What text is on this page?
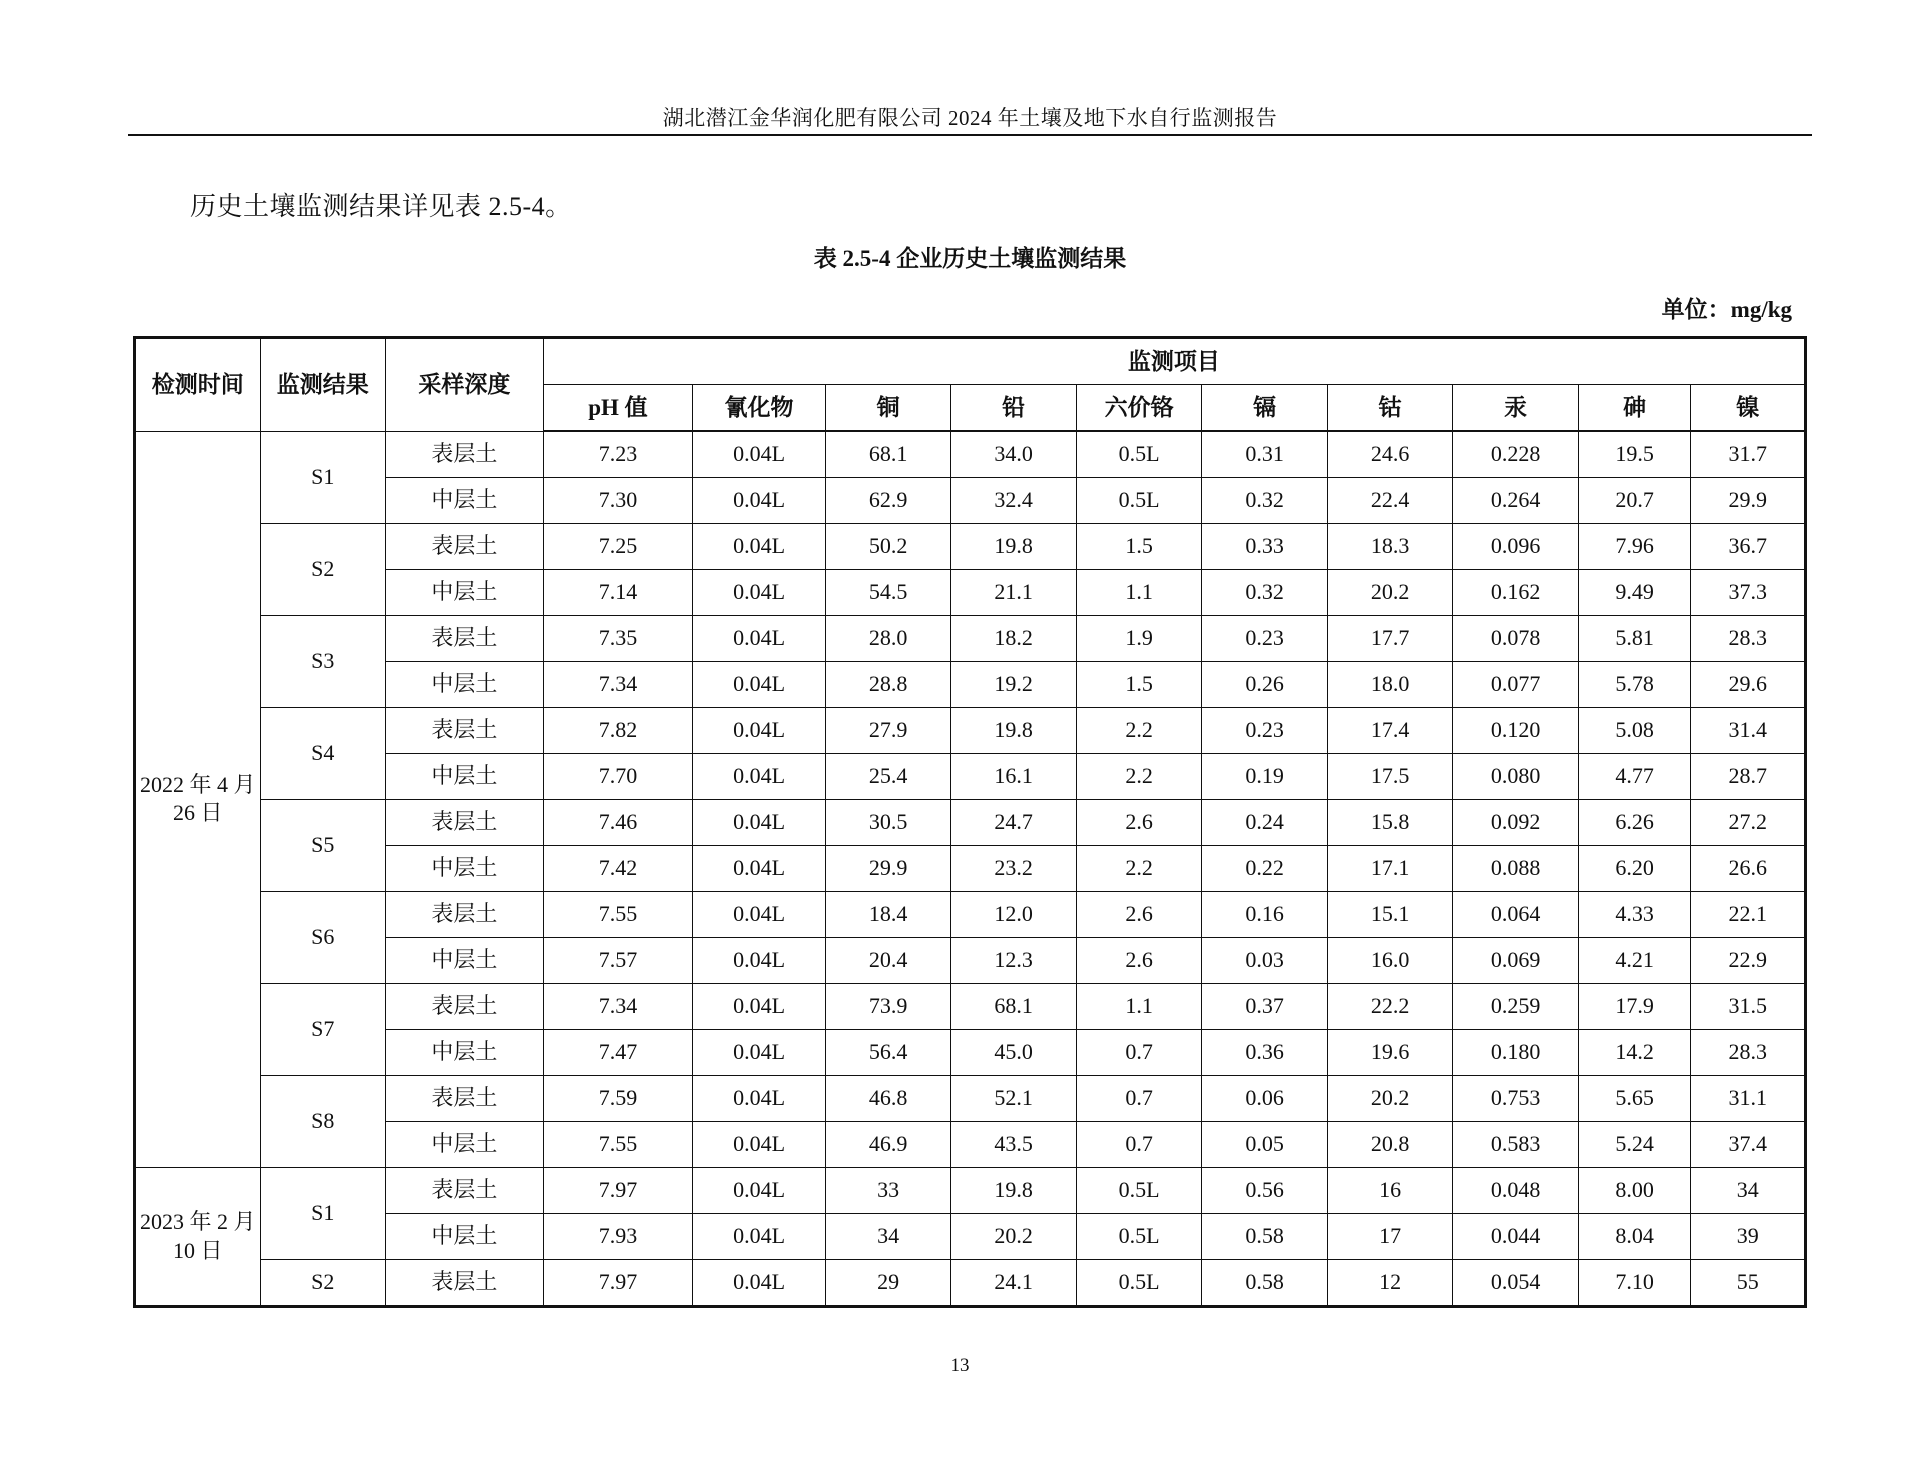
湖北潜江金华润化肥有限公司 2024 年土壤及地下水自行监测报告
历史土壤监测结果详见表 2.5-4。
表 2.5-4 企业历史土壤监测结果
单位：mg/kg
检测时间	监测结果	采样深度	监测项目									
			pH 值	氰化物	铜	铅	六价铬	镉	钴	汞	砷	镍
2022 年 4 月 26 日	S1	表层土	7.23	0.04L	68.1	34.0	0.5L	0.31	24.6	0.228	19.5	31.7
		中层土	7.30	0.04L	62.9	32.4	0.5L	0.32	22.4	0.264	20.7	29.9
	S2	表层土	7.25	0.04L	50.2	19.8	1.5	0.33	18.3	0.096	7.96	36.7
		中层土	7.14	0.04L	54.5	21.1	1.1	0.32	20.2	0.162	9.49	37.3
	S3	表层土	7.35	0.04L	28.0	18.2	1.9	0.23	17.7	0.078	5.81	28.3
		中层土	7.34	0.04L	28.8	19.2	1.5	0.26	18.0	0.077	5.78	29.6
	S4	表层土	7.82	0.04L	27.9	19.8	2.2	0.23	17.4	0.120	5.08	31.4
		中层土	7.70	0.04L	25.4	16.1	2.2	0.19	17.5	0.080	4.77	28.7
	S5	表层土	7.46	0.04L	30.5	24.7	2.6	0.24	15.8	0.092	6.26	27.2
		中层土	7.42	0.04L	29.9	23.2	2.2	0.22	17.1	0.088	6.20	26.6
	S6	表层土	7.55	0.04L	18.4	12.0	2.6	0.16	15.1	0.064	4.33	22.1
		中层土	7.57	0.04L	20.4	12.3	2.6	0.03	16.0	0.069	4.21	22.9
	S7	表层土	7.34	0.04L	73.9	68.1	1.1	0.37	22.2	0.259	17.9	31.5
		中层土	7.47	0.04L	56.4	45.0	0.7	0.36	19.6	0.180	14.2	28.3
	S8	表层土	7.59	0.04L	46.8	52.1	0.7	0.06	20.2	0.753	5.65	31.1
		中层土	7.55	0.04L	46.9	43.5	0.7	0.05	20.8	0.583	5.24	37.4
2023 年 2 月 10 日	S1	表层土	7.97	0.04L	33	19.8	0.5L	0.56	16	0.048	8.00	34
		中层土	7.93	0.04L	34	20.2	0.5L	0.58	17	0.044	8.04	39
	S2	表层土	7.97	0.04L	29	24.1	0.5L	0.58	12	0.054	7.10	55
13
